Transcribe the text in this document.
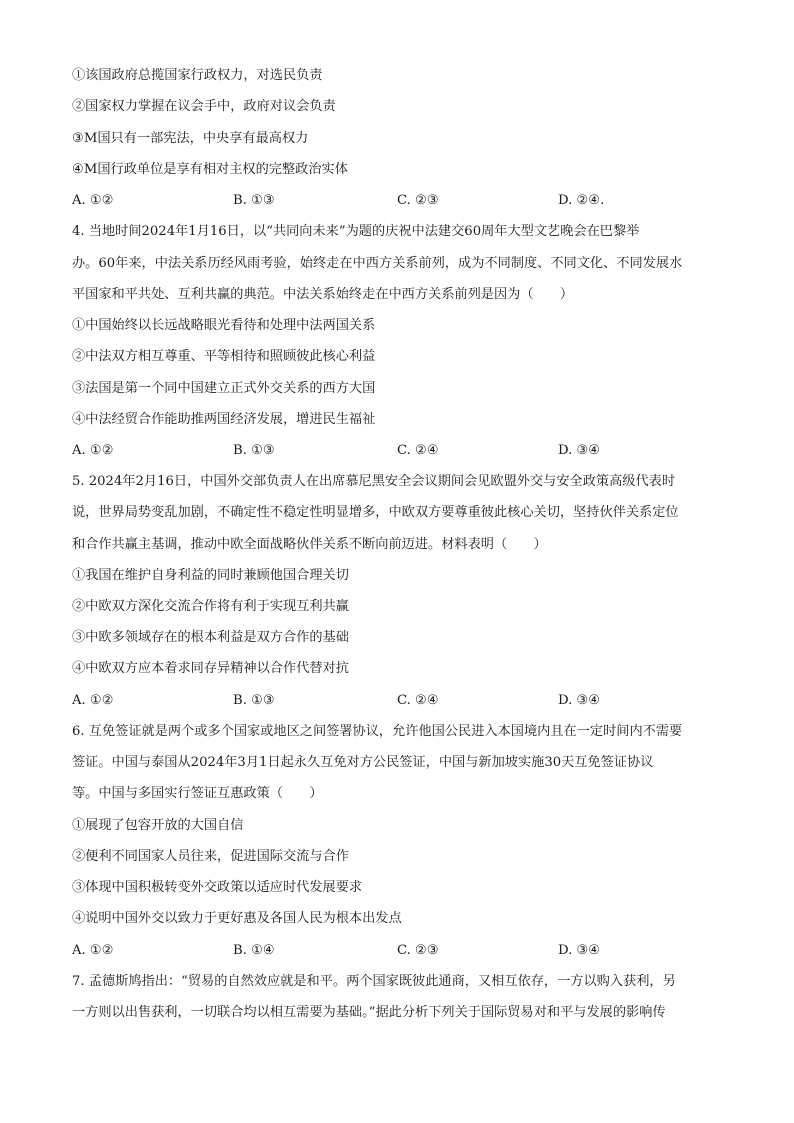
①该国政府总揽国家行政权力，对选民负责
②国家权力掌握在议会手中，政府对议会负责
③M国只有一部宪法，中央享有最高权力
④M国行政单位是享有相对主权的完整政治实体
A. ①②	B. ①③	C. ②③	D. ②④.
4. 当地时间2024年1月16日，以“共同向未来”为题的庆祝中法建交60周年大型文艺晚会在巴黎举
办。60年来，中法关系历经风雨考验，始终走在中西方关系前列，成为不同制度、不同文化、不同发展水
平国家和平共处、互利共赢的典范。中法关系始终走在中西方关系前列是因为（　　）
①中国始终以长远战略眼光看待和处理中法两国关系
②中法双方相互尊重、平等相待和照顾彼此核心利益
③法国是第一个同中国建立正式外交关系的西方大国
④中法经贸合作能助推两国经济发展，增进民生福祉
A. ①②	B. ①③	C. ②④	D. ③④
5. 2024年2月16日，中国外交部负责人在出席慕尼黑安全会议期间会见欧盟外交与安全政策高级代表时
说，世界局势变乱加剧，不确定性不稳定性明显增多，中欧双方要尊重彼此核心关切，坚持伙伴关系定位
和合作共赢主基调，推动中欧全面战略伙伴关系不断向前迈进。材料表明（　　）
①我国在维护自身利益的同时兼顾他国合理关切
②中欧双方深化交流合作将有利于实现互利共赢
③中欧多领域存在的根本利益是双方合作的基础
④中欧双方应本着求同存异精神以合作代替对抗
A. ①②	B. ①③	C. ②④	D. ③④
6. 互免签证就是两个或多个国家或地区之间签署协议，允许他国公民进入本国境内且在一定时间内不需要
签证。中国与泰国从2024年3月1日起永久互免对方公民签证，中国与新加坡实施30天互免签证协议
等。中国与多国实行签证互惠政策（　　）
①展现了包容开放的大国自信
②便利不同国家人员往来，促进国际交流与合作
③体现中国积极转变外交政策以适应时代发展要求
④说明中国外交以致力于更好惠及各国人民为根本出发点
A. ①②	B. ①④	C. ②③	D. ③④
7. 孟德斯鸠指出：“贸易的自然效应就是和平。两个国家既彼此通商，又相互依存，一方以购入获利，另
一方则以出售获利，一切联合均以相互需要为基础。”据此分析下列关于国际贸易对和平与发展的影响传
